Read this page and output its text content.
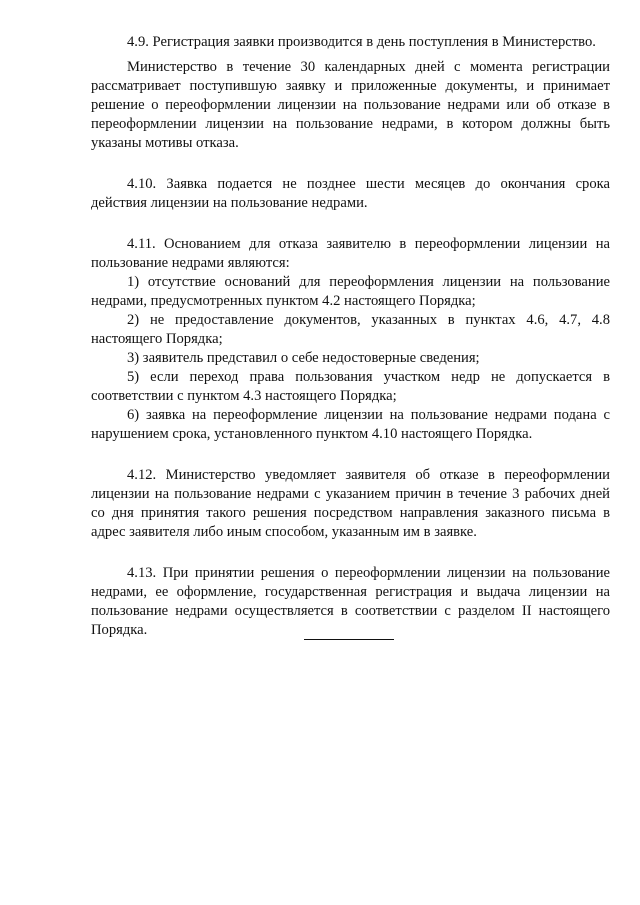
4.9. Регистрация заявки производится в день поступления в Министерство.

Министерство в течение 30 календарных дней с момента регистрации рассматривает поступившую заявку и приложенные документы, и принимает решение о переоформлении лицензии на пользование недрами или об отказе в переоформлении лицензии на пользование недрами, в котором должны быть указаны мотивы отказа.

4.10. Заявка подается не позднее шести месяцев до окончания срока действия лицензии на пользование недрами.

4.11. Основанием для отказа заявителю в переоформлении лицензии на пользование недрами являются:

1) отсутствие оснований для переоформления лицензии на пользование недрами, предусмотренных пунктом 4.2 настоящего Порядка;

2) не предоставление документов, указанных в пунктах 4.6, 4.7, 4.8 настоящего Порядка;

3) заявитель представил о себе недостоверные сведения;

5) если переход права пользования участком недр не допускается в соответствии с пунктом 4.3 настоящего Порядка;

6) заявка на переоформление лицензии на пользование недрами подана с нарушением срока, установленного пунктом 4.10 настоящего Порядка.

4.12. Министерство уведомляет заявителя об отказе в переоформлении лицензии на пользование недрами с указанием причин в течение 3 рабочих дней со дня принятия такого решения посредством направления заказного письма в адрес заявителя либо иным способом, указанным им в заявке.

4.13. При принятии решения о переоформлении лицензии на пользование недрами, ее оформление, государственная регистрация и выдача лицензии на пользование недрами осуществляется в соответствии с разделом II настоящего Порядка.
